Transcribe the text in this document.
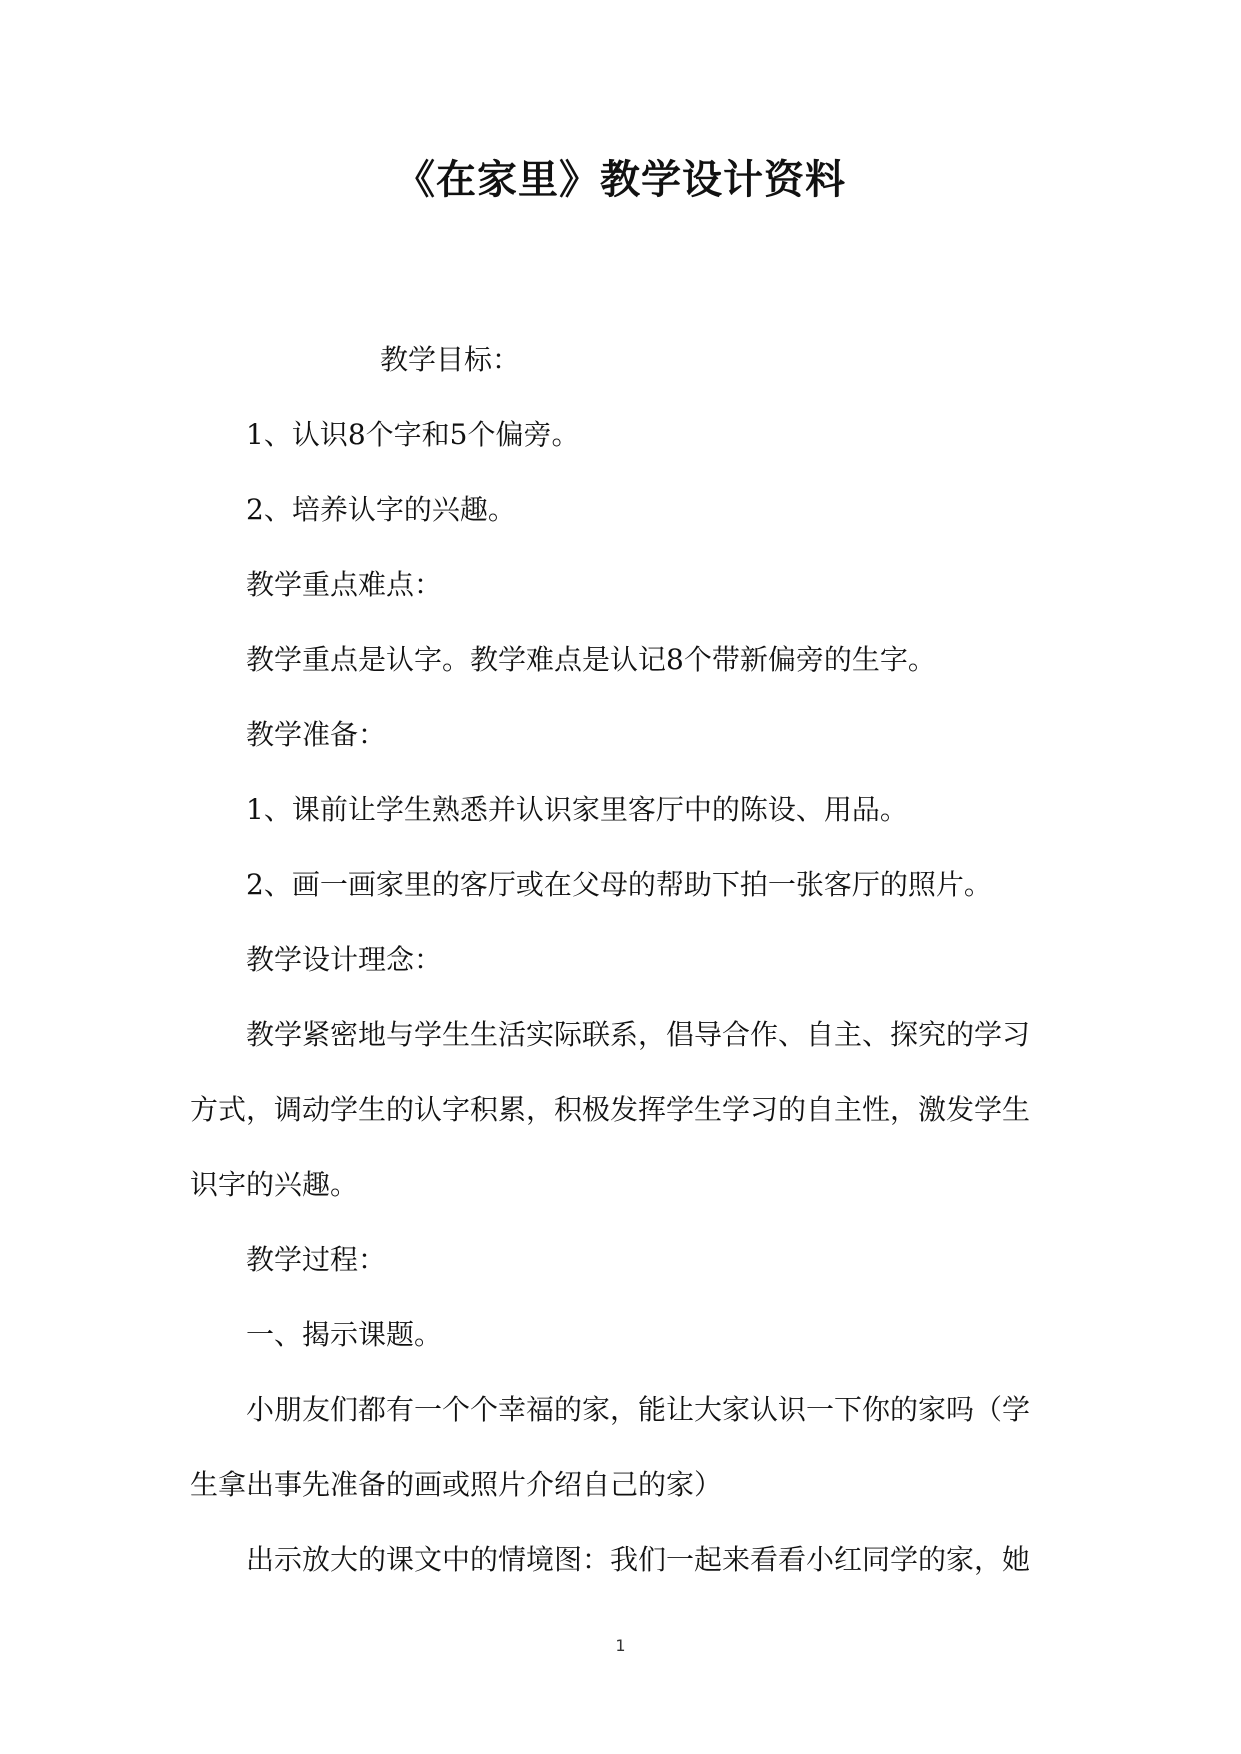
《在家里》教学设计资料
教学目标：
1、认识8个字和5个偏旁。
2、培养认字的兴趣。
教学重点难点：
教学重点是认字。教学难点是认记8个带新偏旁的生字。
教学准备：
1、课前让学生熟悉并认识家里客厅中的陈设、用品。
2、画一画家里的客厅或在父母的帮助下拍一张客厅的照片。
教学设计理念：
教学紧密地与学生生活实际联系，倡导合作、自主、探究的学习
方式，调动学生的认字积累，积极发挥学生学习的自主性，激发学生
识字的兴趣。
教学过程：
一、揭示课题。
小朋友们都有一个个幸福的家，能让大家认识一下你的家吗（学
生拿出事先准备的画或照片介绍自己的家）
出示放大的课文中的情境图：我们一起来看看小红同学的家，她
1
